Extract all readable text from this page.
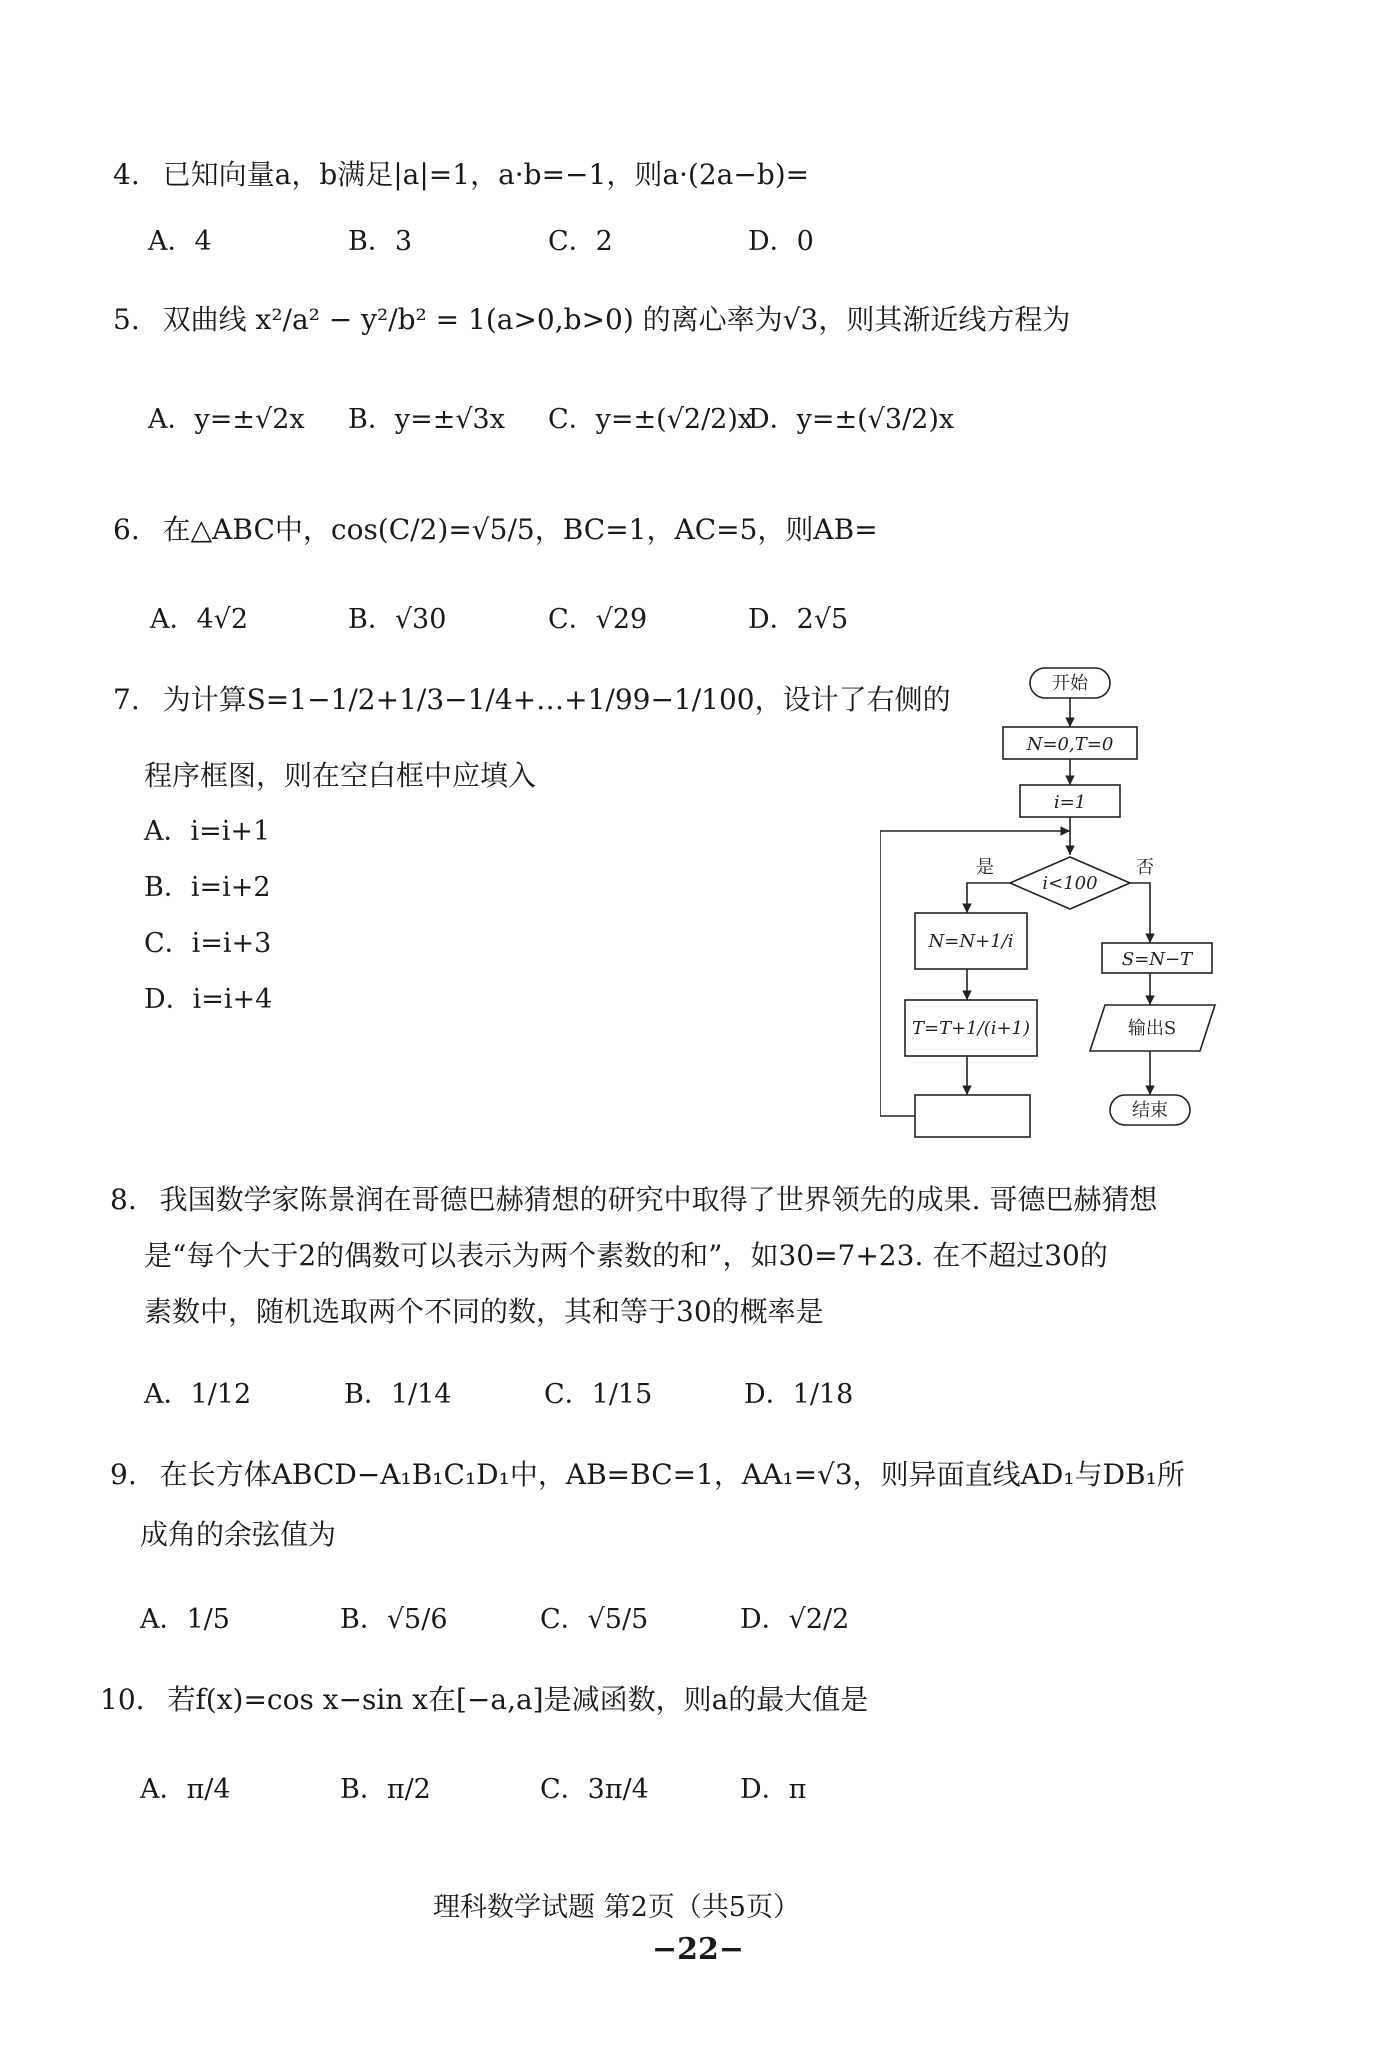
4. 已知向量a，b满足|a|=1，a·b=−1，则a·(2a−b)=
A．4	B．3	C．2	D．0
5. 双曲线 x²/a² − y²/b² = 1(a>0,b>0) 的离心率为√3，则其渐近线方程为
A．y=±√2x B．y=±√3x C．y=±(√2/2)x
D．y=±(√3/2)x
6. 在△ABC中，cos(C/2)=√5/5，BC=1，AC=5，则AB=
A．4√2	B．√30	C．√29	D．2√5
7. 为计算S=1−1/2+1/3−1/4+…+1/99−1/100，设计了右侧的
程序框图，则在空白框中应填入
A．i=i+1
B．i=i+2
C．i=i+3
D．i=i+4
开始
N=0,T=0
i=1
i<100
是	否
N=N+1/i
T=T+1/(i+1)
S=N−T
输出S
结束
8. 我国数学家陈景润在哥德巴赫猜想的研究中取得了世界领先的成果. 哥德巴赫猜想
是“每个大于2的偶数可以表示为两个素数的和”，如30=7+23. 在不超过30的
素数中，随机选取两个不同的数，其和等于30的概率是
A．1/12	B．1/14	C．1/15	D．1/18
9. 在长方体ABCD−A₁B₁C₁D₁中，AB=BC=1，AA₁=√3，则异面直线AD₁与DB₁所
成角的余弦值为
A．1/5	B．√5/6	C．√5/5	D．√2/2
10. 若f(x)=cos x−sin x在[−a,a]是减函数，则a的最大值是
A．π/4	B．π/2	C．3π/4	D．π
理科数学试题 第2页（共5页）
−22−
